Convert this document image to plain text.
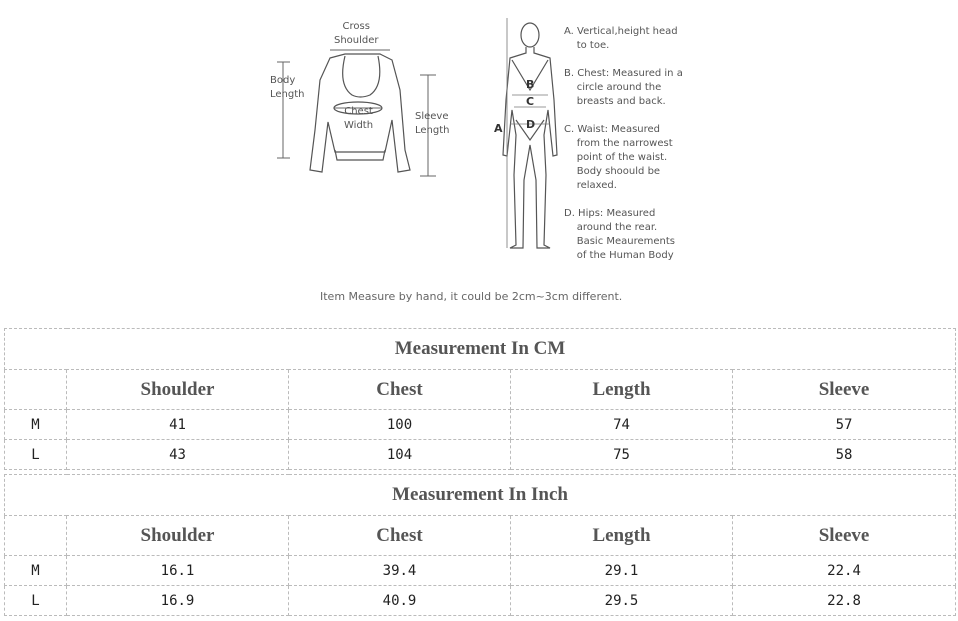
Cross
Shoulder
Body
Length
Chest
Width
Sleeve
Length
B
C
D
A
A. Vertical,height head
to toe.
B. Chest: Measured in a
circle around the
breasts and back.
C. Waist: Measured
from the narrowest
point of the waist.
Body shoould be
relaxed.
D. Hips: Measured
around the rear.
Basic Meaurements
of the Human Body
Item Measure by hand, it could be 2cm~3cm different.
Measurement In CM				
	Shoulder	Chest	Length	Sleeve
M	41	100	74	57
L	43	104	75	58
Measurement In Inch				
	Shoulder	Chest	Length	Sleeve
M	16.1	39.4	29.1	22.4
L	16.9	40.9	29.5	22.8
